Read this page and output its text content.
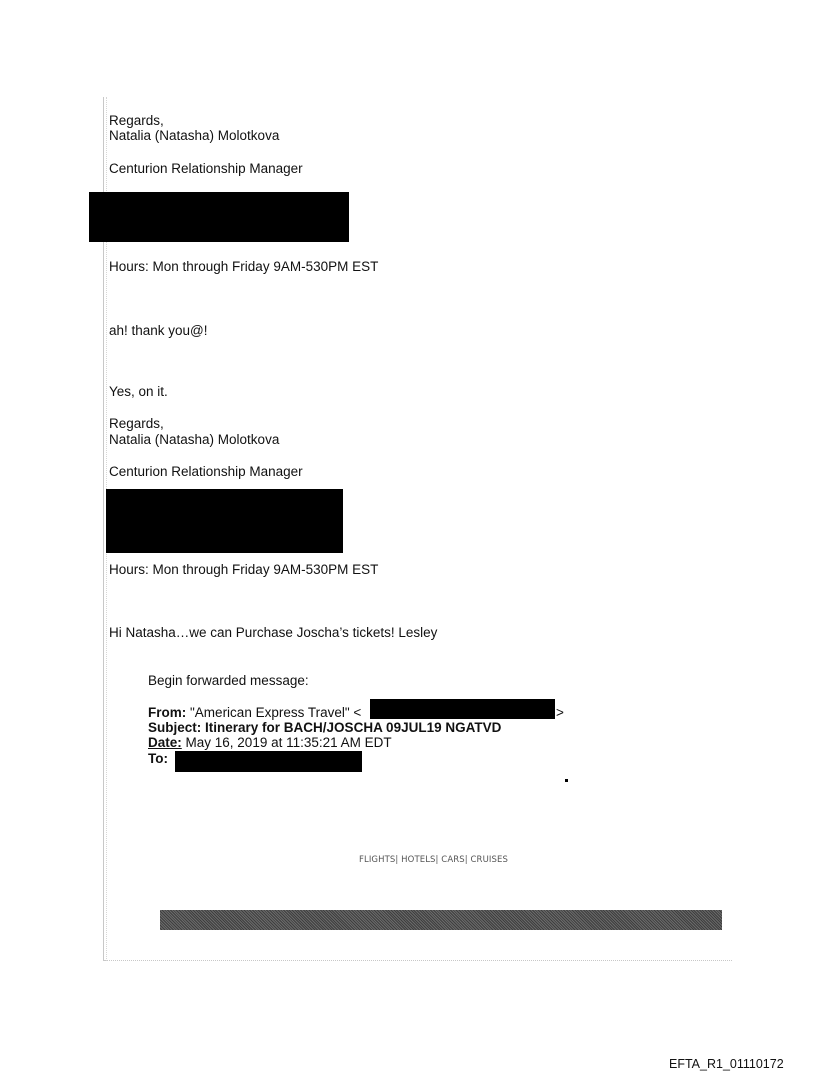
Regards,
Natalia (Natasha) Molotkova
Centurion Relationship Manager
Hours: Mon through Friday 9AM-530PM EST
ah! thank you@!
Yes, on it.
Regards,
Natalia (Natasha) Molotkova
Centurion Relationship Manager
Hours: Mon through Friday 9AM-530PM EST
Hi Natasha…we can Purchase Joscha’s tickets! Lesley
Begin forwarded message:
From: "American Express Travel" <	>
Subject: Itinerary for BACH/JOSCHA 09JUL19 NGATVD
Date: May 16, 2019 at 11:35:21 AM EDT
To:
FLIGHTS| HOTELS| CARS| CRUISES
EFTA_R1_01110172
